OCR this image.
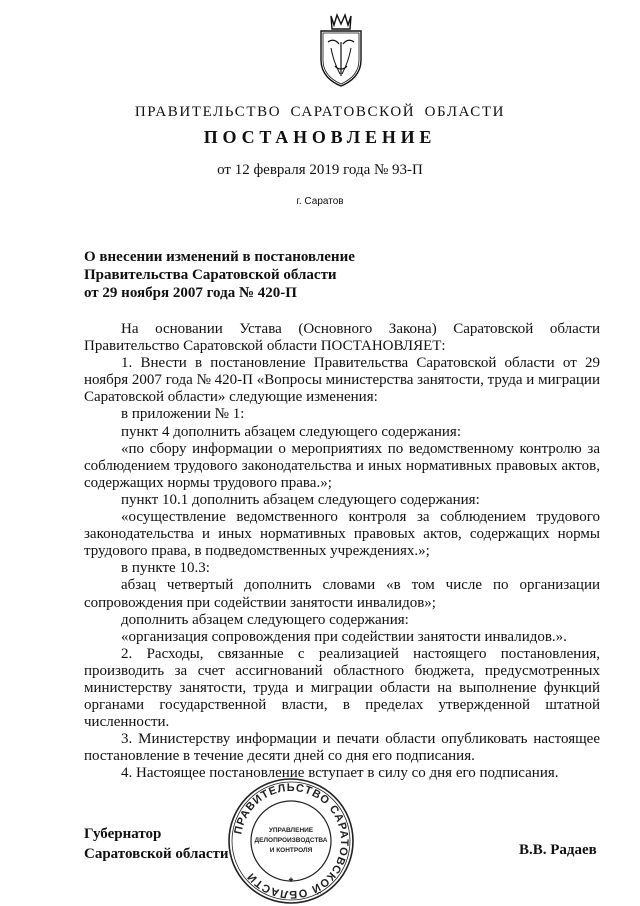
ПРАВИТЕЛЬСТВО САРАТОВСКОЙ ОБЛАСТИ
ПОСТАНОВЛЕНИЕ
от 12 февраля 2019 года № 93-П
г. Саратов
О внесении изменений в постановление
Правительства Саратовской области
от 29 ноября 2007 года № 420-П

На основании Устава (Основного Закона) Саратовской области Правительство Саратовской области ПОСТАНОВЛЯЕТ:

1. Внести в постановление Правительства Саратовской области от 29 ноября 2007 года № 420-П «Вопросы министерства занятости, труда и миграции Саратовской области» следующие изменения:

в приложении № 1:

пункт 4 дополнить абзацем следующего содержания:

«по сбору информации о мероприятиях по ведомственному контролю за соблюдением трудового законодательства и иных нормативных правовых актов, содержащих нормы трудового права.»;

пункт 10.1 дополнить абзацем следующего содержания:

«осуществление ведомственного контроля за соблюдением трудового законодательства и иных нормативных правовых актов, содержащих нормы трудового права, в подведомственных учреждениях.»;

в пункте 10.3:

абзац четвертый дополнить словами «в том числе по организации сопровождения при содействии занятости инвалидов»;

дополнить абзацем следующего содержания:

«организация сопровождения при содействии занятости инвалидов.».

2. Расходы, связанные с реализацией настоящего постановления, производить за счет ассигнований областного бюджета, предусмотренных министерству занятости, труда и миграции области на выполнение функций органами государственной власти, в пределах утвержденной штатной численности.

3. Министерству информации и печати области опубликовать настоящее постановление в течение десяти дней со дня его подписания.

4. Настоящее постановление вступает в силу со дня его подписания.

Губернатор
Саратовской области	В.В. Радаев
ПРАВИТЕЛЬСТВО САРАТОВСКОЙ ОБЛАСТИ
УПРАВЛЕНИЕ
ДЕЛОПРОИЗВОДСТВА
И КОНТРОЛЯ
*
